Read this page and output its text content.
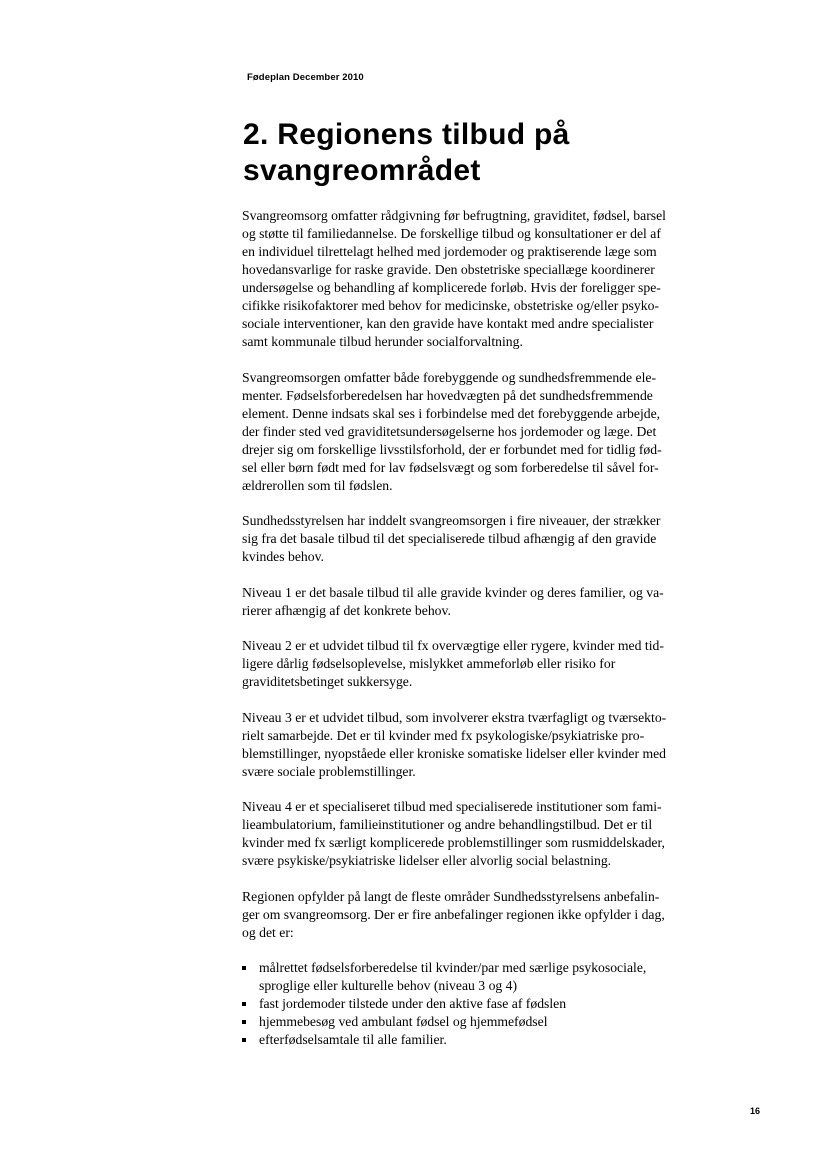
Fødeplan December 2010

2. Regionens tilbud på
svangreområdet

Svangreomsorg omfatter rådgivning før befrugtning, graviditet, fødsel, barsel
og støtte til familiedannelse. De forskellige tilbud og konsultationer er del af
en individuel tilrettelagt helhed med jordemoder og praktiserende læge som
hovedansvarlige for raske gravide. Den obstetriske speciallæge koordinerer
undersøgelse og behandling af komplicerede forløb. Hvis der foreligger spe-
cifikke risikofaktorer med behov for medicinske, obstetriske og/eller psyko-
sociale interventioner, kan den gravide have kontakt med andre specialister
samt kommunale tilbud herunder socialforvaltning.

Svangreomsorgen omfatter både forebyggende og sundhedsfremmende ele-
menter. Fødselsforberedelsen har hovedvægten på det sundhedsfremmende
element. Denne indsats skal ses i forbindelse med det forebyggende arbejde,
der finder sted ved graviditetsundersøgelserne hos jordemoder og læge. Det
drejer sig om forskellige livsstilsforhold, der er forbundet med for tidlig fød-
sel eller børn født med for lav fødselsvægt og som forberedelse til såvel for-
ældrerollen som til fødslen.

Sundhedsstyrelsen har inddelt svangreomsorgen i fire niveauer, der strækker
sig fra det basale tilbud til det specialiserede tilbud afhængig af den gravide
kvindes behov.

Niveau 1 er det basale tilbud til alle gravide kvinder og deres familier, og va-
rierer afhængig af det konkrete behov.

Niveau 2 er et udvidet tilbud til fx overvægtige eller rygere, kvinder med tid-
ligere dårlig fødselsoplevelse, mislykket ammeforløb eller risiko for graviditetsbetinget sukkersyge.

Niveau 3 er et udvidet tilbud, som involverer ekstra tværfagligt og tværsekto-
rielt samarbejde. Det er til kvinder med fx psykologiske/psykiatriske pro-
blemstillinger, nyopståede eller kroniske somatiske lidelser eller kvinder med
svære sociale problemstillinger.

Niveau 4 er et specialiseret tilbud med specialiserede institutioner som fami-
lieambulatorium, familieinstitutioner og andre behandlingstilbud. Det er til
kvinder med fx særligt komplicerede problemstillinger som rusmiddelskader,
svære psykiske/psykiatriske lidelser eller alvorlig social belastning.

Regionen opfylder på langt de fleste områder Sundhedsstyrelsens anbefalin-
ger om svangreomsorg. Der er fire anbefalinger regionen ikke opfylder i dag,
og det er:

målrettet fødselsforberedelse til kvinder/par med særlige psykosociale,
sproglige eller kulturelle behov (niveau 3 og 4)
fast jordemoder tilstede under den aktive fase af fødslen
hjemmebesøg ved ambulant fødsel og hjemmefødsel
efterfødselsamtale til alle familier.

16
